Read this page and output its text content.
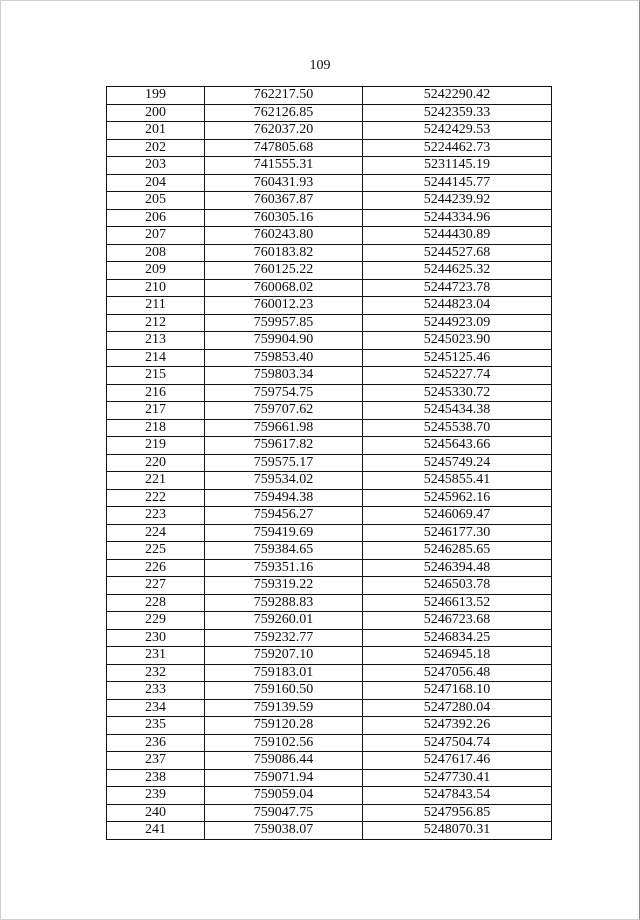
109
199	762217.50	5242290.42
200	762126.85	5242359.33
201	762037.20	5242429.53
202	747805.68	5224462.73
203	741555.31	5231145.19
204	760431.93	5244145.77
205	760367.87	5244239.92
206	760305.16	5244334.96
207	760243.80	5244430.89
208	760183.82	5244527.68
209	760125.22	5244625.32
210	760068.02	5244723.78
211	760012.23	5244823.04
212	759957.85	5244923.09
213	759904.90	5245023.90
214	759853.40	5245125.46
215	759803.34	5245227.74
216	759754.75	5245330.72
217	759707.62	5245434.38
218	759661.98	5245538.70
219	759617.82	5245643.66
220	759575.17	5245749.24
221	759534.02	5245855.41
222	759494.38	5245962.16
223	759456.27	5246069.47
224	759419.69	5246177.30
225	759384.65	5246285.65
226	759351.16	5246394.48
227	759319.22	5246503.78
228	759288.83	5246613.52
229	759260.01	5246723.68
230	759232.77	5246834.25
231	759207.10	5246945.18
232	759183.01	5247056.48
233	759160.50	5247168.10
234	759139.59	5247280.04
235	759120.28	5247392.26
236	759102.56	5247504.74
237	759086.44	5247617.46
238	759071.94	5247730.41
239	759059.04	5247843.54
240	759047.75	5247956.85
241	759038.07	5248070.31
